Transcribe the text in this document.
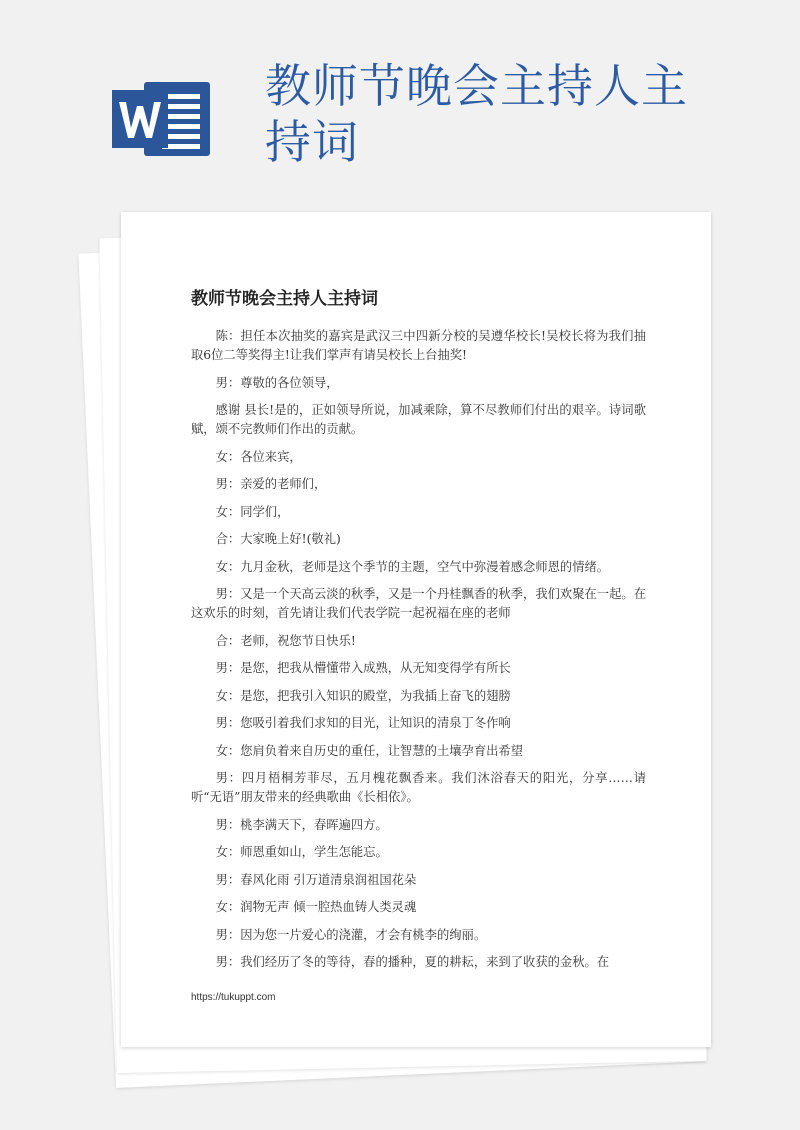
教师节晚会主持人主持词
教师节晚会主持人主持词

陈：担任本次抽奖的嘉宾是武汉三中四新分校的吴遵华校长!吴校长将为我们抽取6位二等奖得主!让我们掌声有请吴校长上台抽奖!

男：尊敬的各位领导，

感谢 县长!是的，正如领导所说，加减乘除，算不尽教师们付出的艰辛。诗词歌赋，颂不完教师们作出的贡献。

女：各位来宾，

男：亲爱的老师们，

女：同学们，

合：大家晚上好!(敬礼)

女：九月金秋，老师是这个季节的主题，空气中弥漫着感念师恩的情绪。

男：又是一个天高云淡的秋季，又是一个丹桂飘香的秋季，我们欢聚在一起。在这欢乐的时刻，首先请让我们代表学院一起祝福在座的老师

合：老师，祝您节日快乐!

男：是您，把我从懵懂带入成熟，从无知变得学有所长

女：是您，把我引入知识的殿堂，为我插上奋飞的翅膀

男：您吸引着我们求知的目光，让知识的清泉丁冬作响

女：您肩负着来自历史的重任，让智慧的土壤孕育出希望

男：四月梧桐芳菲尽，五月槐花飘香来。我们沐浴春天的阳光，分享……请听“无语”朋友带来的经典歌曲《长相依》。

男：桃李满天下，春晖遍四方。

女：师恩重如山，学生怎能忘。

男：春风化雨 引万道清泉润祖国花朵

女：润物无声 倾一腔热血铸人类灵魂

男：因为您一片爱心的浇灌，才会有桃李的绚丽。

男：我们经历了冬的等待，春的播种，夏的耕耘，来到了收获的金秋。在

https://tukuppt.com
